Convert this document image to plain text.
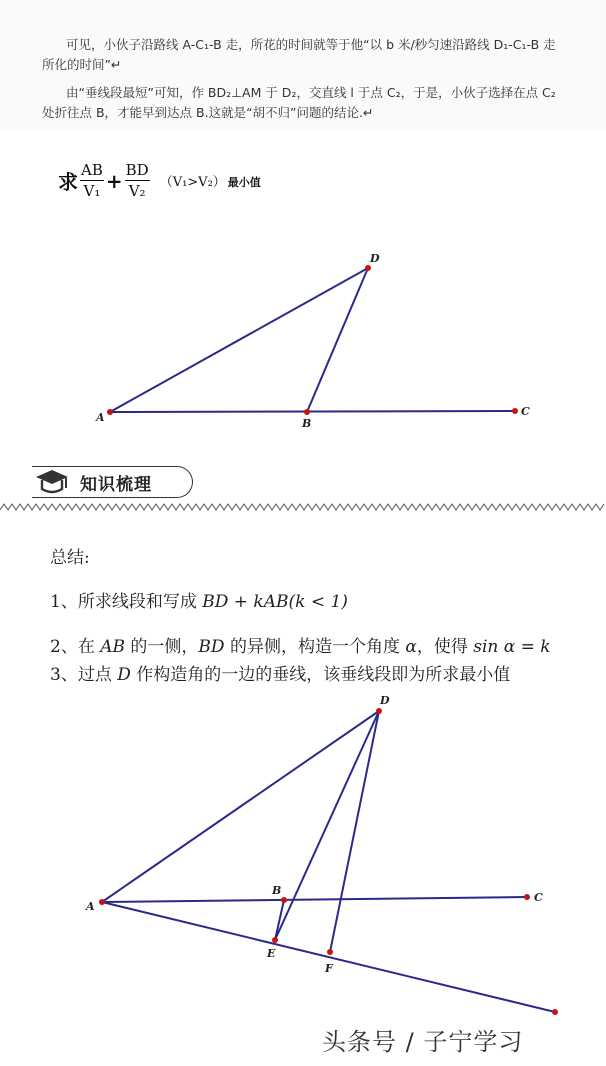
可见，小伙子沿路线 A-C₁-B 走，所花的时间就等于他“以 b 米/秒匀速沿路线 D₁-C₁-B 走
所化的时间”↵
由“垂线段最短”可知，作 BD₂⊥AM 于 D₂，交直线 l 于点 C₂，于是，小伙子选择在点 C₂
处折往点 B，才能早到达点 B.这就是“胡不归”问题的结论.↵
求 $\frac{AB}{\text{V₁}} + \frac{BD}{\text{V₂}} (V_1>V_2)$ 最小值
A	B
C
D
知识梳理
总结:
1、所求线段和写成 BD + kAB(k < 1)
2、在 AB 的一侧，BD 的异侧，构造一个角度 α，使得 sin α = k
3、过点 D 作构造角的一边的垂线，该垂线段即为所求最小值
A
B
C
D
E
F
头条号 / 子宁学习
